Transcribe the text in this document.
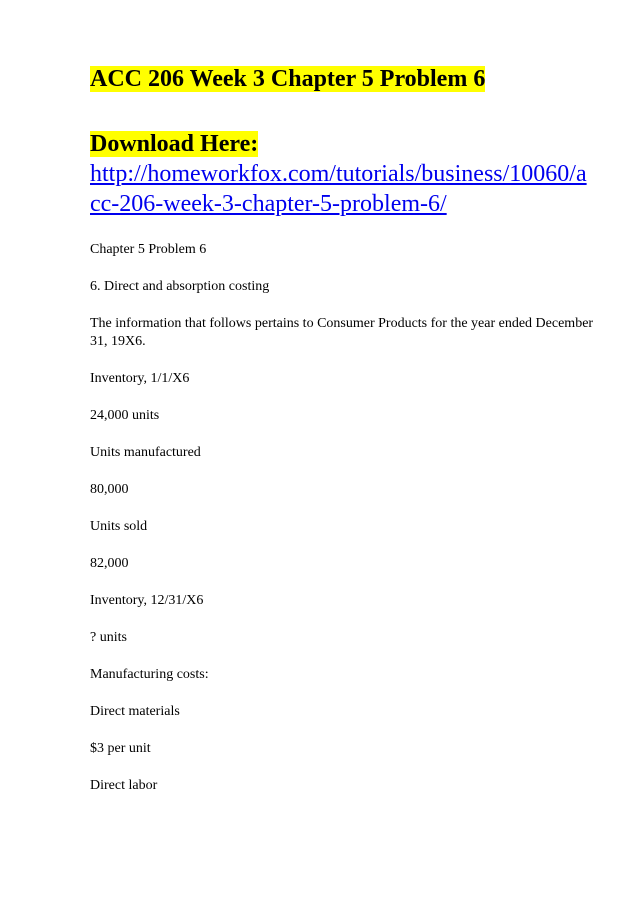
ACC 206 Week 3 Chapter 5 Problem 6
Download Here:
http://homeworkfox.com/tutorials/business/10060/acc-206-week-3-chapter-5-problem-6/

Chapter 5 Problem 6

6. Direct and absorption costing

The information that follows pertains to Consumer Products for the year ended December 31, 19X6.

Inventory, 1/1/X6

24,000 units

Units manufactured

80,000

Units sold

82,000

Inventory, 12/31/X6

? units

Manufacturing costs:

Direct materials

$3 per unit

Direct labor
